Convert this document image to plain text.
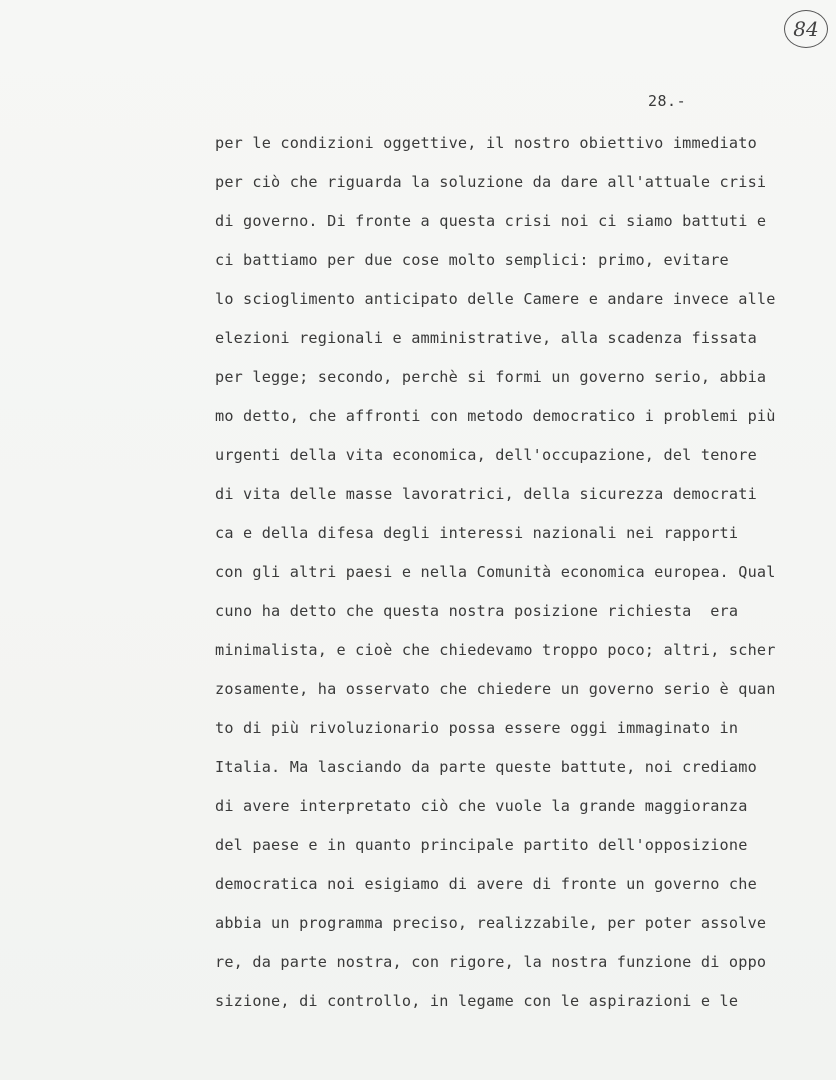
84
28.-
per le condizioni oggettive, il nostro obiettivo immediato
per ciò che riguarda la soluzione da dare all'attuale crisi
di governo. Di fronte a questa crisi noi ci siamo battuti e
ci battiamo per due cose molto semplici: primo, evitare
lo scioglimento anticipato delle Camere e andare invece alle
elezioni regionali e amministrative, alla scadenza fissata
per legge; secondo, perchè si formi un governo serio, abbia
mo detto, che affronti con metodo democratico i problemi più
urgenti della vita economica, dell'occupazione, del tenore
di vita delle masse lavoratrici, della sicurezza democrati
ca e della difesa degli interessi nazionali nei rapporti
con gli altri paesi e nella Comunità economica europea. Qual
cuno ha detto che questa nostra posizione richiesta  era
minimalista, e cioè che chiedevamo troppo poco; altri, scher
zosamente, ha osservato che chiedere un governo serio è quan
to di più rivoluzionario possa essere oggi immaginato in
Italia. Ma lasciando da parte queste battute, noi crediamo
di avere interpretato ciò che vuole la grande maggioranza
del paese e in quanto principale partito dell'opposizione
democratica noi esigiamo di avere di fronte un governo che
abbia un programma preciso, realizzabile, per poter assolve
re, da parte nostra, con rigore, la nostra funzione di oppo
sizione, di controllo, in legame con le aspirazioni e le
